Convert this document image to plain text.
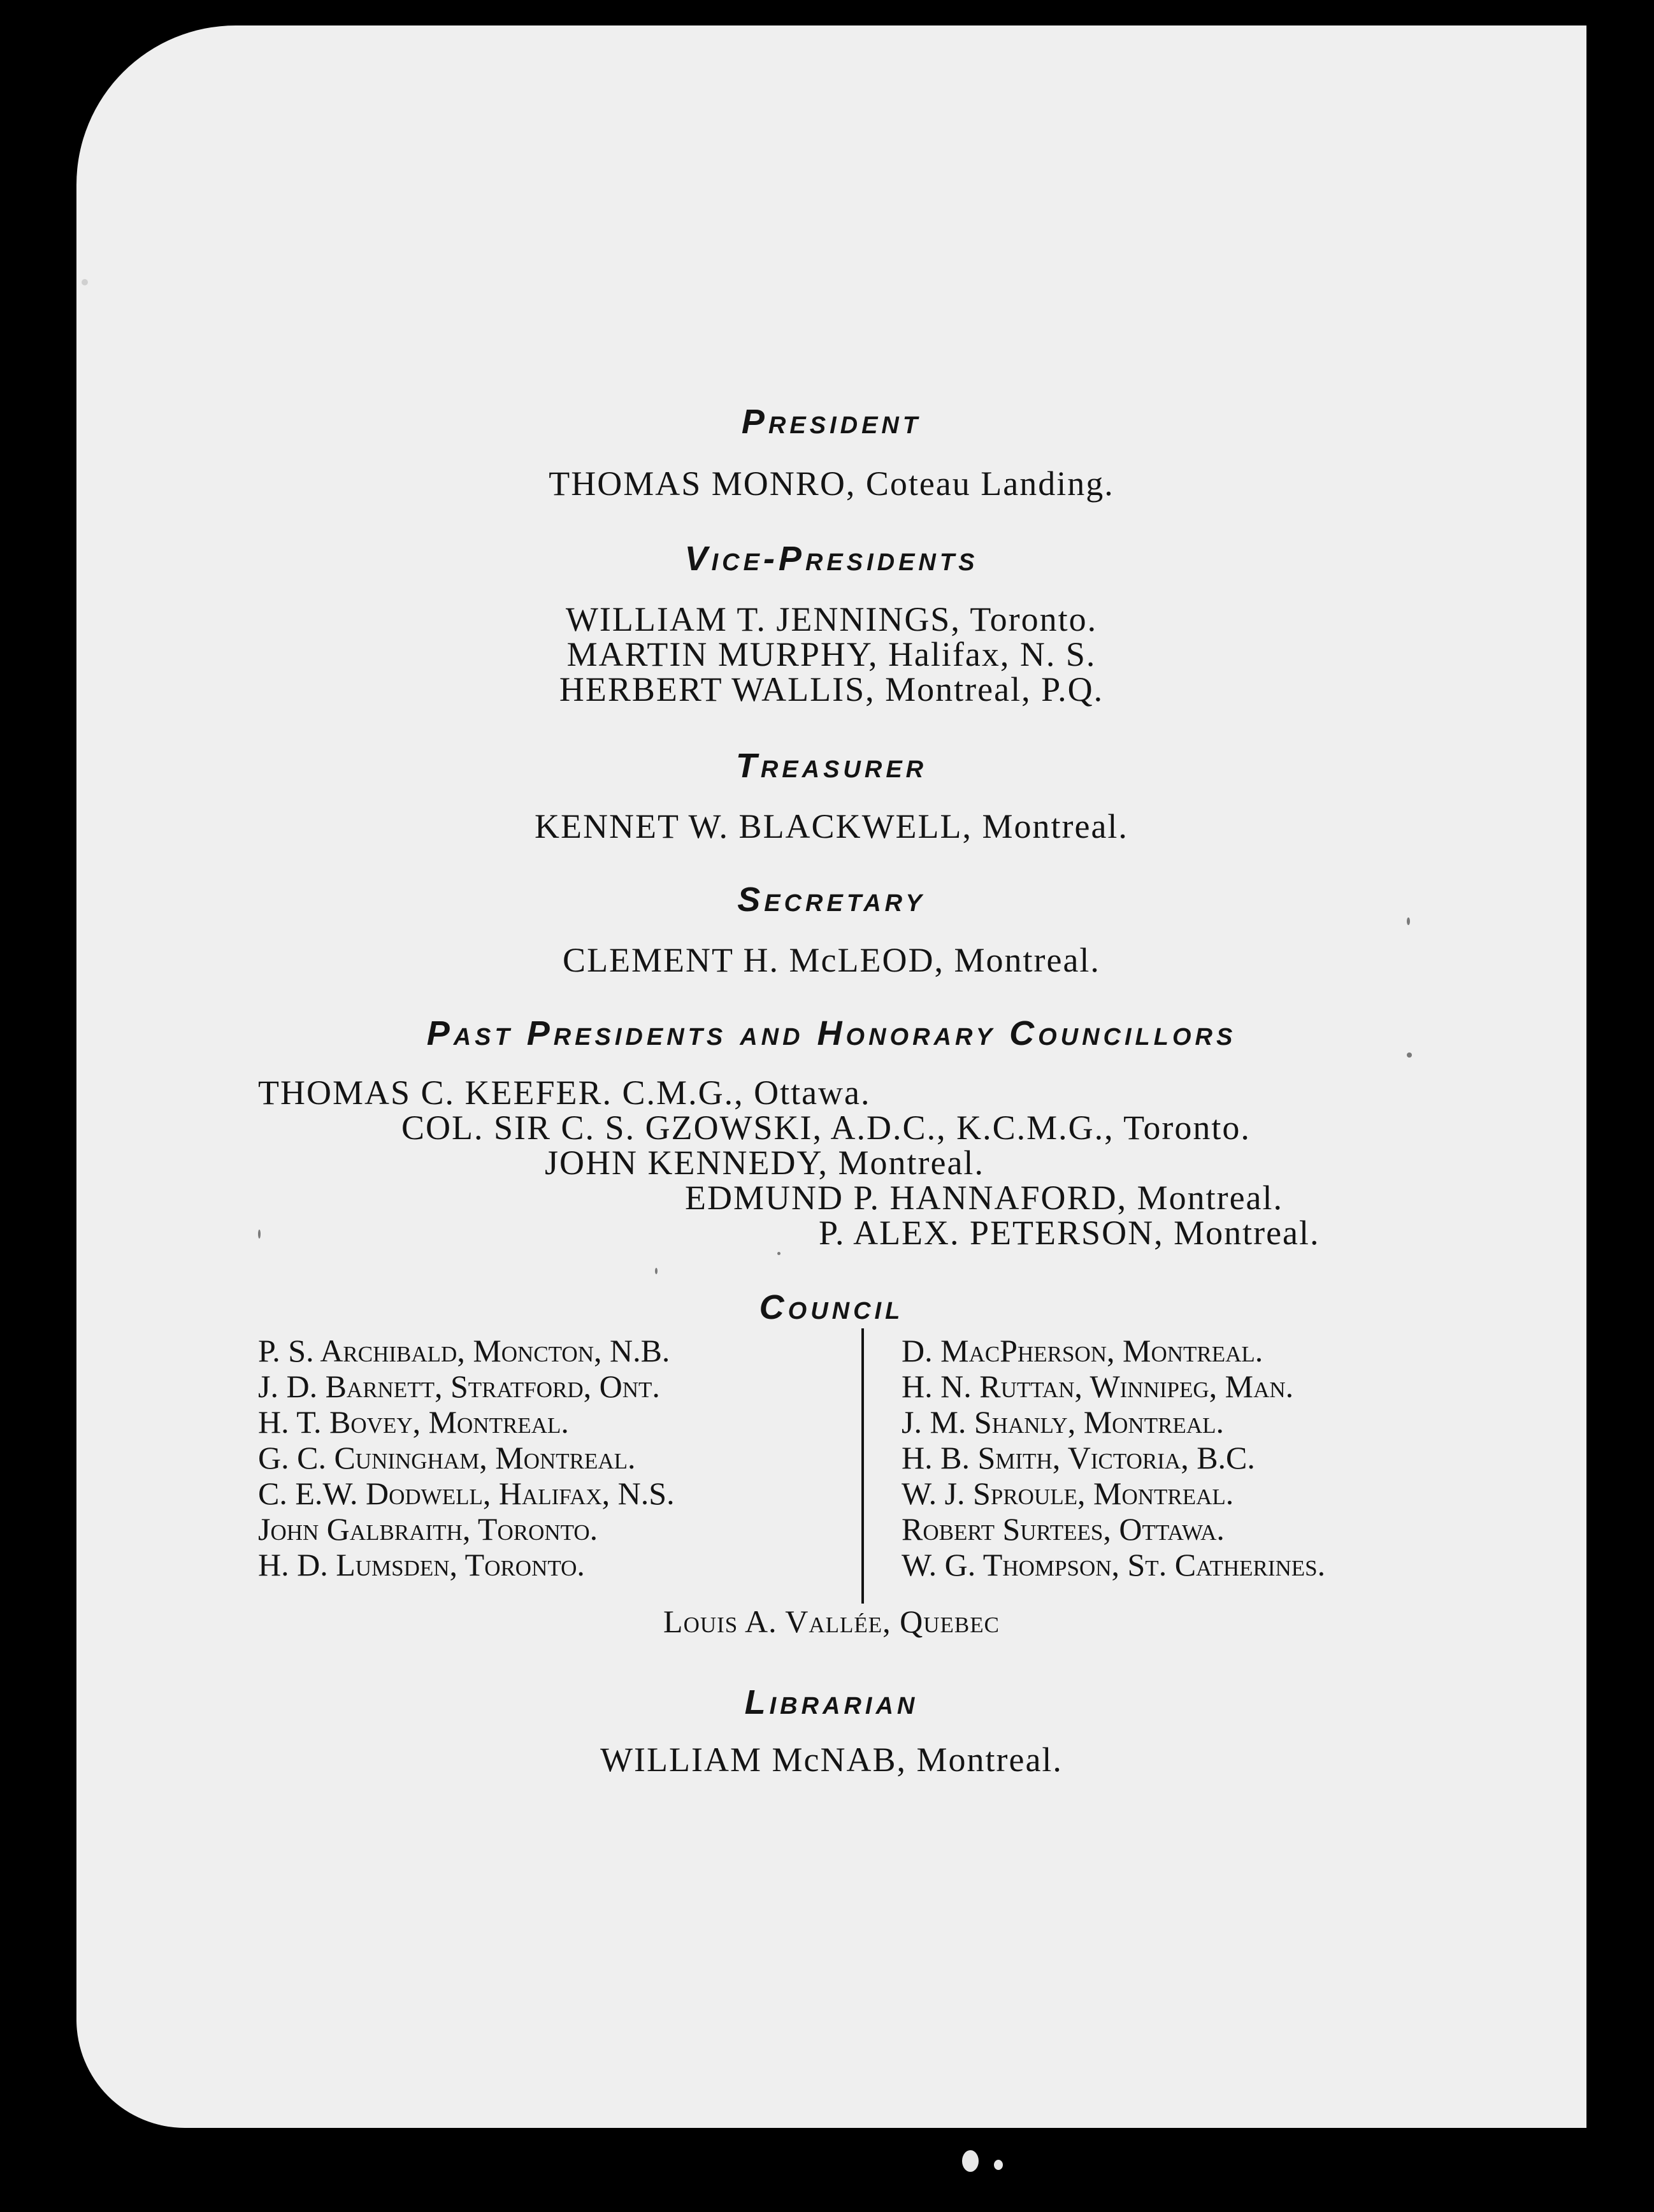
President
THOMAS MONRO, Coteau Landing.
Vice-Presidents
WILLIAM T. JENNINGS, Toronto.
MARTIN MURPHY, Halifax, N. S.
HERBERT WALLIS, Montreal, P.Q.
Treasurer
KENNET W. BLACKWELL, Montreal.
Secretary
CLEMENT H. McLEOD, Montreal.
Past Presidents and Honorary Councillors
THOMAS C. KEEFER. C.M.G., Ottawa.
COL. SIR C. S. GZOWSKI, A.D.C., K.C.M.G., Toronto.
JOHN KENNEDY, Montreal.
EDMUND P. HANNAFORD, Montreal.
P. ALEX. PETERSON, Montreal.
Council
P. S. Archibald, Moncton, N.B.
J. D. Barnett, Stratford, Ont.
H. T. Bovey, Montreal.
G. C. Cuningham, Montreal.
C. E.W. Dodwell, Halifax, N.S.
John Galbraith, Toronto.
H. D. Lumsden, Toronto.
D. MacPherson, Montreal.
H. N. Ruttan, Winnipeg, Man.
J. M. Shanly, Montreal.
H. B. Smith, Victoria, B.C.
W. J. Sproule, Montreal.
Robert Surtees, Ottawa.
W. G. Thompson, St. Catherines.
Louis A. Vallée, Quebec
Librarian
WILLIAM McNAB, Montreal.
